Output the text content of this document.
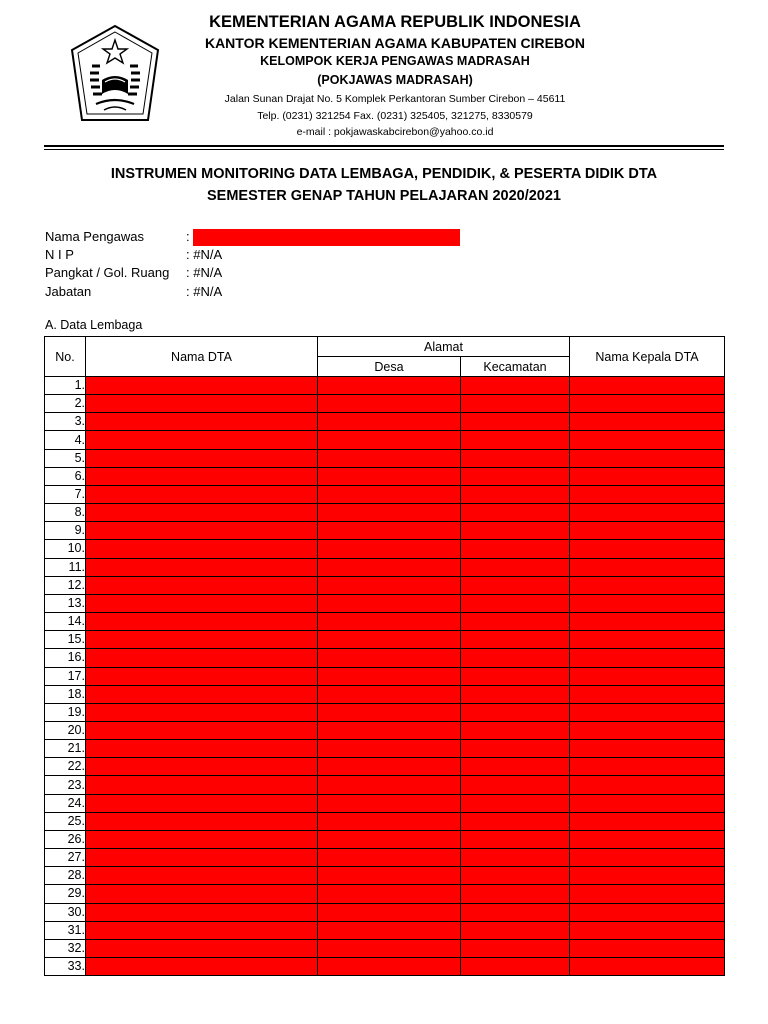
KEMENTERIAN AGAMA REPUBLIK INDONESIA
KANTOR KEMENTERIAN AGAMA KABUPATEN CIREBON
KELOMPOK KERJA PENGAWAS MADRASAH
(POKJAWAS MADRASAH)
Jalan Sunan Drajat No. 5 Komplek Perkantoran Sumber Cirebon – 45611
Telp. (0231) 321254 Fax. (0231) 325405, 321275, 8330579
e-mail : pokjawaskabcirebon@yahoo.co.id
INSTRUMEN MONITORING DATA LEMBAGA, PENDIDIK, & PESERTA DIDIK DTA
SEMESTER GENAP TAHUN PELAJARAN 2020/2021
Nama Pengawas	:
N I P	: #N/A
Pangkat / Gol. Ruang : #N/A
Jabatan	: #N/A
A. Data Lembaga
No.	Nama DTA	Alamat		Nama Kepala DTA
		Desa	Kecamatan	
1.				
2.				
3.				
4.				
5.				
6.				
7.				
8.				
9.				
10.				
11.				
12.				
13.				
14.				
15.				
16.				
17.				
18.				
19.				
20.				
21.				
22.				
23.				
24.				
25.				
26.				
27.				
28.				
29.				
30.				
31.				
32.				
33.				
